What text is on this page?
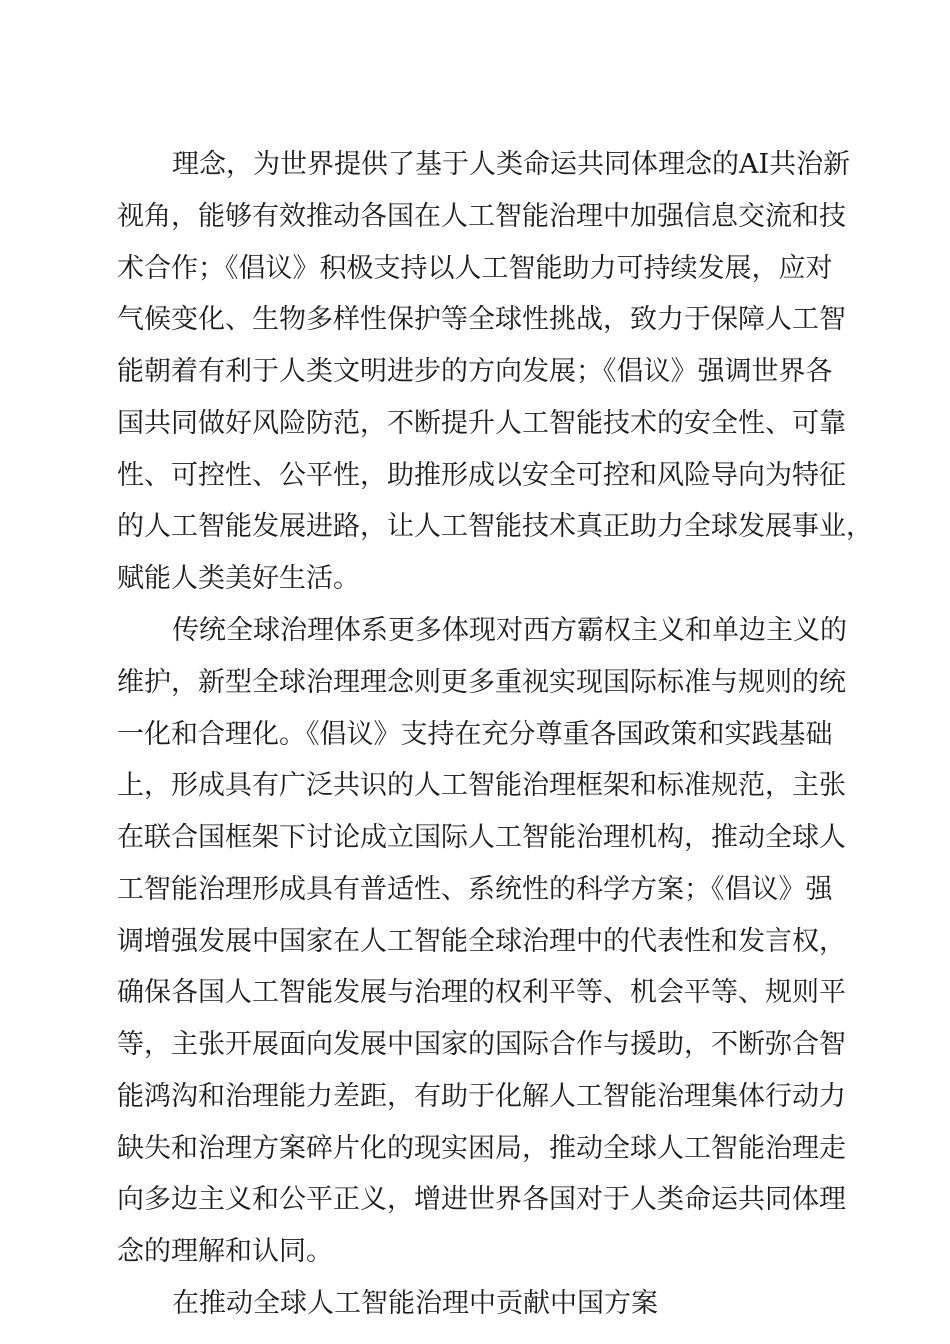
理念，为世界提供了基于人类命运共同体理念的AI共治新
视角，能够有效推动各国在人工智能治理中加强信息交流和技
术合作；《倡议》积极支持以人工智能助力可持续发展，应对
气候变化、生物多样性保护等全球性挑战，致力于保障人工智
能朝着有利于人类文明进步的方向发展；《倡议》强调世界各
国共同做好风险防范，不断提升人工智能技术的安全性、可靠
性、可控性、公平性，助推形成以安全可控和风险导向为特征
的人工智能发展进路，让人工智能技术真正助力全球发展事业，
赋能人类美好生活。
传统全球治理体系更多体现对西方霸权主义和单边主义的
维护，新型全球治理理念则更多重视实现国际标准与规则的统
一化和合理化。《倡议》支持在充分尊重各国政策和实践基础
上，形成具有广泛共识的人工智能治理框架和标准规范，主张
在联合国框架下讨论成立国际人工智能治理机构，推动全球人
工智能治理形成具有普适性、系统性的科学方案；《倡议》强
调增强发展中国家在人工智能全球治理中的代表性和发言权，
确保各国人工智能发展与治理的权利平等、机会平等、规则平
等，主张开展面向发展中国家的国际合作与援助，不断弥合智
能鸿沟和治理能力差距，有助于化解人工智能治理集体行动力
缺失和治理方案碎片化的现实困局，推动全球人工智能治理走
向多边主义和公平正义，增进世界各国对于人类命运共同体理
念的理解和认同。
在推动全球人工智能治理中贡献中国方案
